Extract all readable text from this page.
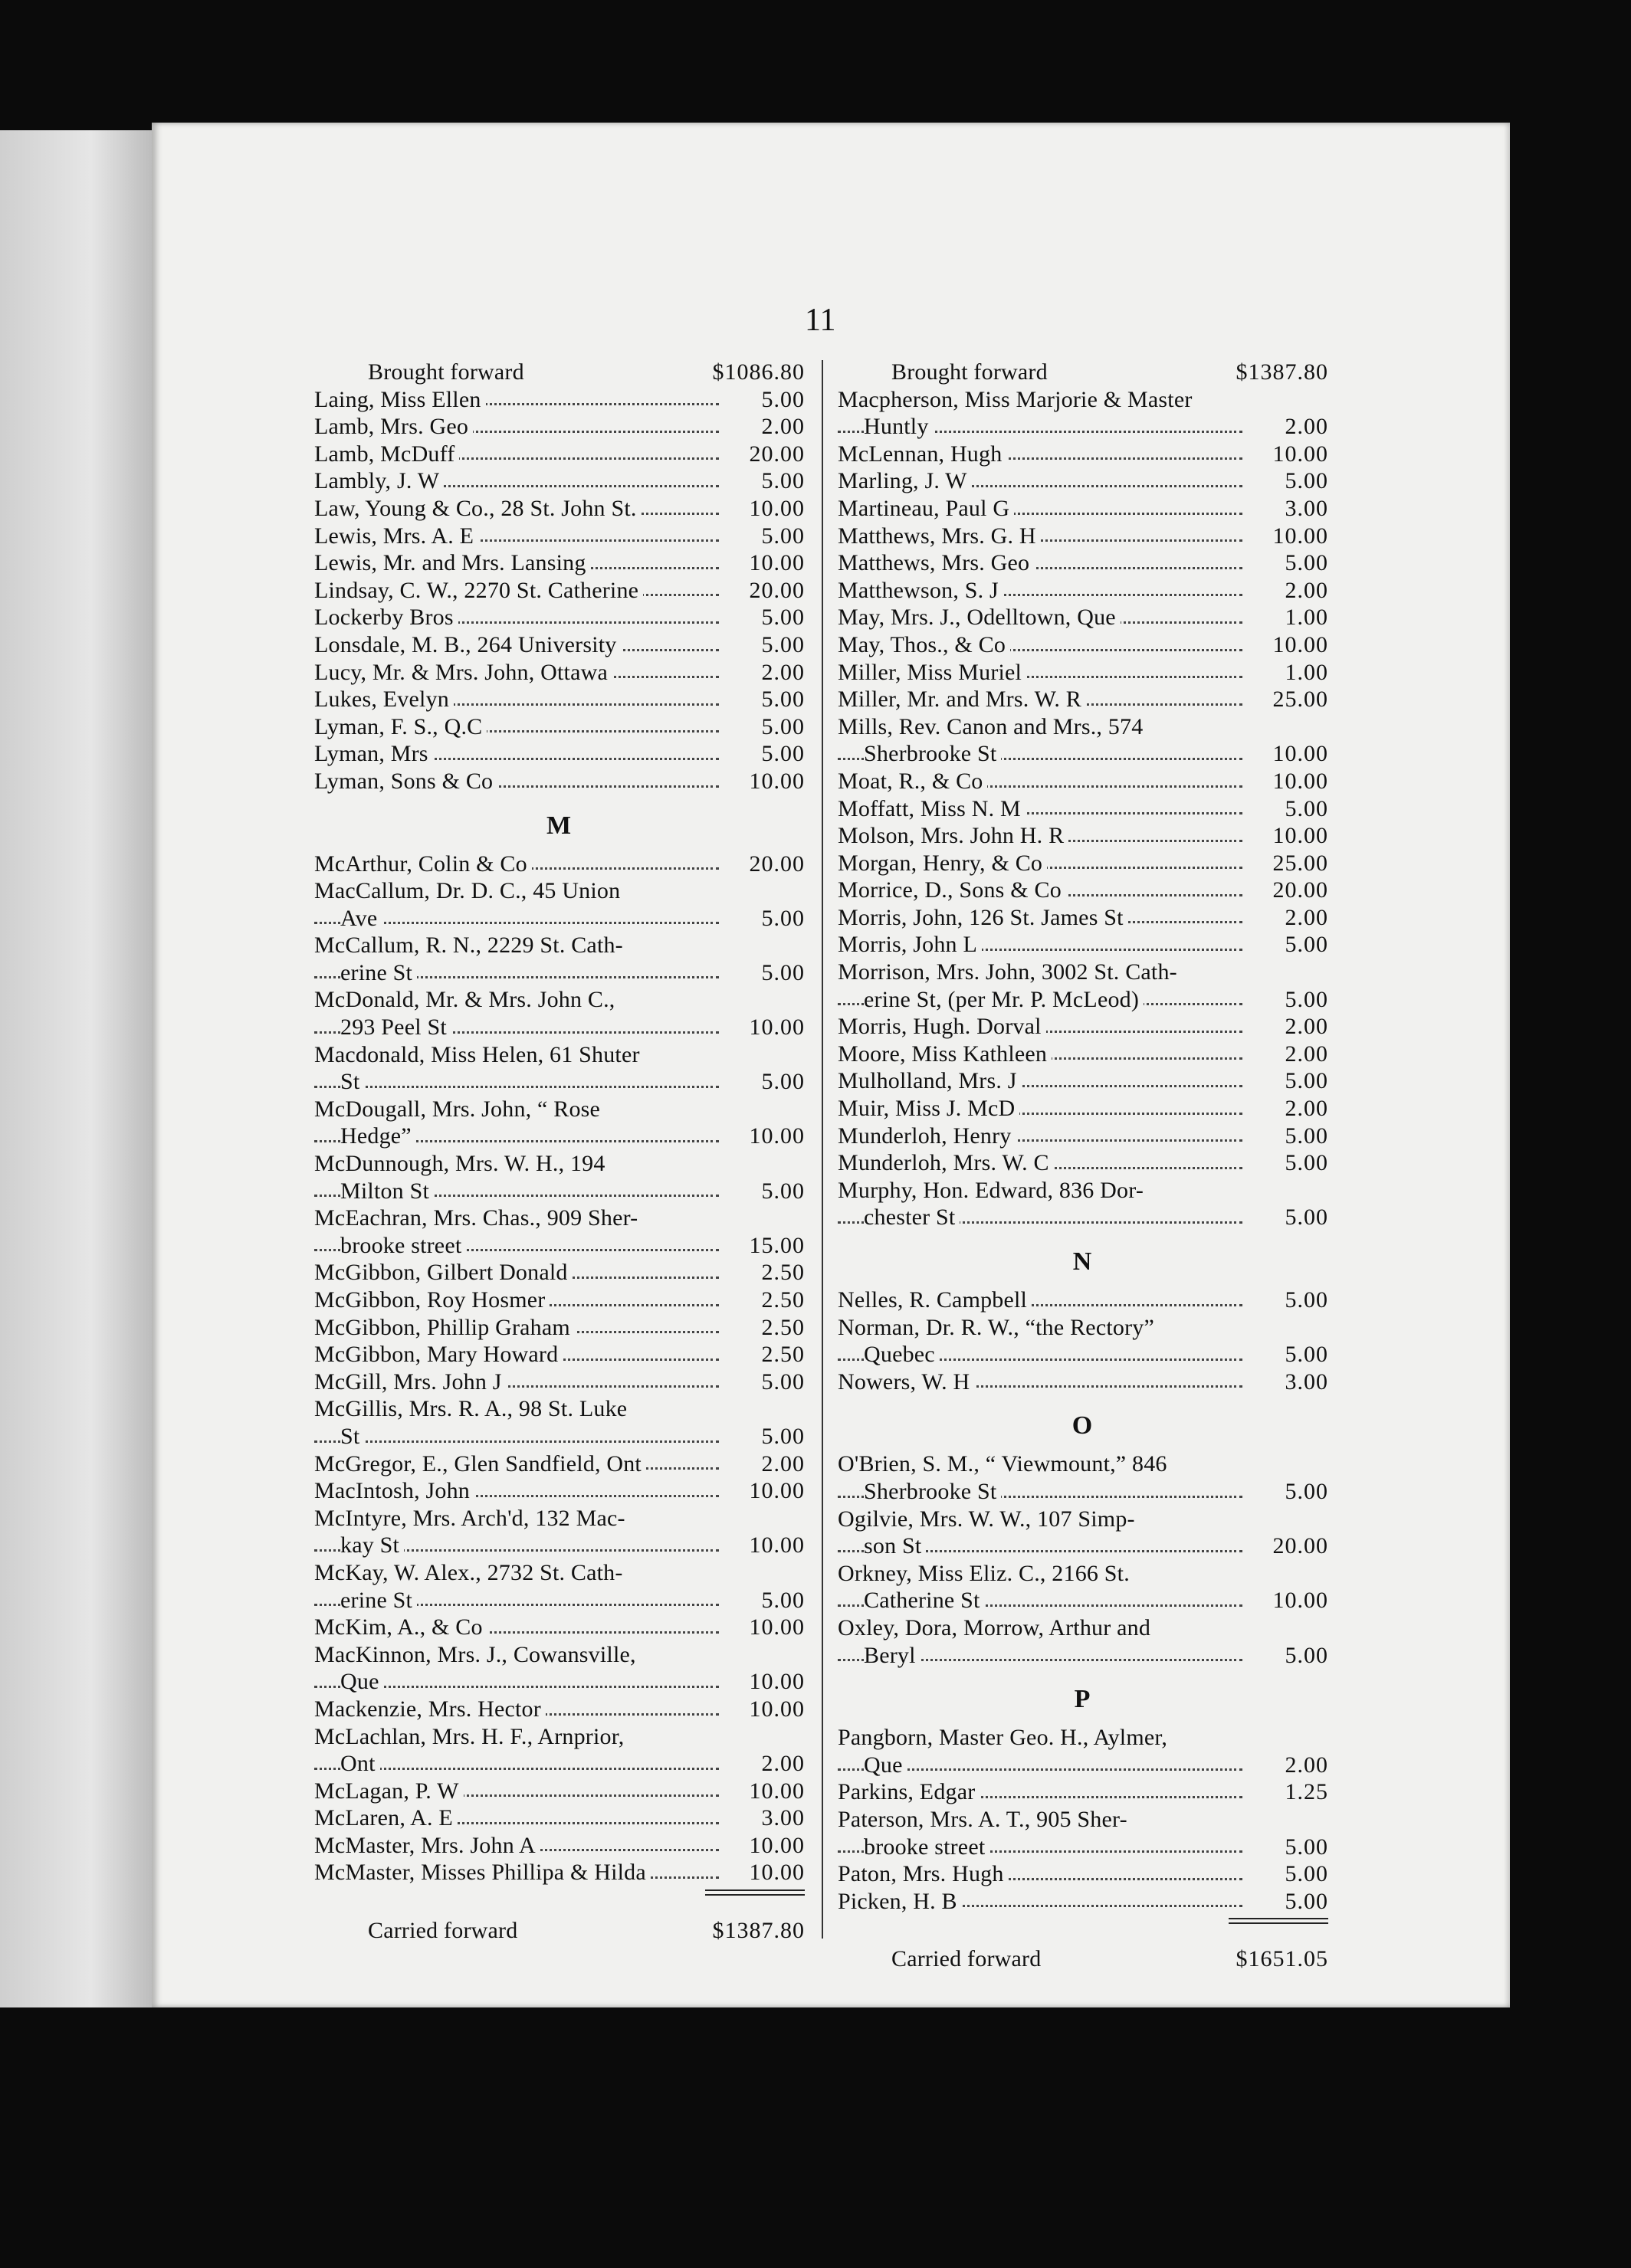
11
Brought forward	$1086.80
Laing, Miss Ellen	5.00
Lamb, Mrs. Geo	2.00
Lamb, McDuff	20.00
Lambly, J. W	5.00
Law, Young & Co., 28 St. John St.	10.00
Lewis, Mrs. A. E	5.00
Lewis, Mr. and Mrs. Lansing	10.00
Lindsay, C. W., 2270 St. Catherine	20.00
Lockerby Bros	5.00
Lonsdale, M. B., 264 University	5.00
Lucy, Mr. & Mrs. John, Ottawa	2.00
Lukes, Evelyn	5.00
Lyman, F. S., Q.C	5.00
Lyman, Mrs	5.00
Lyman, Sons & Co	10.00
M
McArthur, Colin & Co	20.00
MacCallum, Dr. D. C., 45 Union
Ave	5.00
McCallum, R. N., 2229 St. Cath-
erine St	5.00
McDonald, Mr. & Mrs. John C.,
293 Peel St	10.00
Macdonald, Miss Helen, 61 Shuter
St	5.00
McDougall, Mrs. John, “ Rose
Hedge”	10.00
McDunnough, Mrs. W. H., 194
Milton St	5.00
McEachran, Mrs. Chas., 909 Sher-
brooke street	15.00
McGibbon, Gilbert Donald	2.50
McGibbon, Roy Hosmer	2.50
McGibbon, Phillip Graham	2.50
McGibbon, Mary Howard	2.50
McGill, Mrs. John J	5.00
McGillis, Mrs. R. A., 98 St. Luke
St	5.00
McGregor, E., Glen Sandfield, Ont	2.00
MacIntosh, John	10.00
McIntyre, Mrs. Arch'd, 132 Mac-
kay St	10.00
McKay, W. Alex., 2732 St. Cath-
erine St	5.00
McKim, A., & Co	10.00
MacKinnon, Mrs. J., Cowansville,
Que	10.00
Mackenzie, Mrs. Hector	10.00
McLachlan, Mrs. H. F., Arnprior,
Ont	2.00
McLagan, P. W	10.00
McLaren, A. E	3.00
McMaster, Mrs. John A	10.00
McMaster, Misses Phillipa & Hilda	10.00
Carried forward	$1387.80
Brought forward	$1387.80
Macpherson, Miss Marjorie & Master
Huntly	2.00
McLennan, Hugh	10.00
Marling, J. W	5.00
Martineau, Paul G	3.00
Matthews, Mrs. G. H	10.00
Matthews, Mrs. Geo	5.00
Matthewson, S. J	2.00
May, Mrs. J., Odelltown, Que	1.00
May, Thos., & Co	10.00
Miller, Miss Muriel	1.00
Miller, Mr. and Mrs. W. R	25.00
Mills, Rev. Canon and Mrs., 574
Sherbrooke St	10.00
Moat, R., & Co	10.00
Moffatt, Miss N. M	5.00
Molson, Mrs. John H. R	10.00
Morgan, Henry, & Co	25.00
Morrice, D., Sons & Co	20.00
Morris, John, 126 St. James St	2.00
Morris, John L	5.00
Morrison, Mrs. John, 3002 St. Cath-
erine St, (per Mr. P. McLeod)	5.00
Morris, Hugh. Dorval	2.00
Moore, Miss Kathleen	2.00
Mulholland, Mrs. J	5.00
Muir, Miss J. McD	2.00
Munderloh, Henry	5.00
Munderloh, Mrs. W. C	5.00
Murphy, Hon. Edward, 836 Dor-
chester St	5.00
N
Nelles, R. Campbell	5.00
Norman, Dr. R. W., “the Rectory”
Quebec	5.00
Nowers, W. H	3.00
O
O'Brien, S. M., “ Viewmount,” 846
Sherbrooke St	5.00
Ogilvie, Mrs. W. W., 107 Simp-
son St	20.00
Orkney, Miss Eliz. C., 2166 St.
Catherine St	10.00
Oxley, Dora, Morrow, Arthur and
Beryl	5.00
P
Pangborn, Master Geo. H., Aylmer,
Que	2.00
Parkins, Edgar	1.25
Paterson, Mrs. A. T., 905 Sher-
brooke street	5.00
Paton, Mrs. Hugh	5.00
Picken, H. B	5.00
Carried forward	$1651.05
